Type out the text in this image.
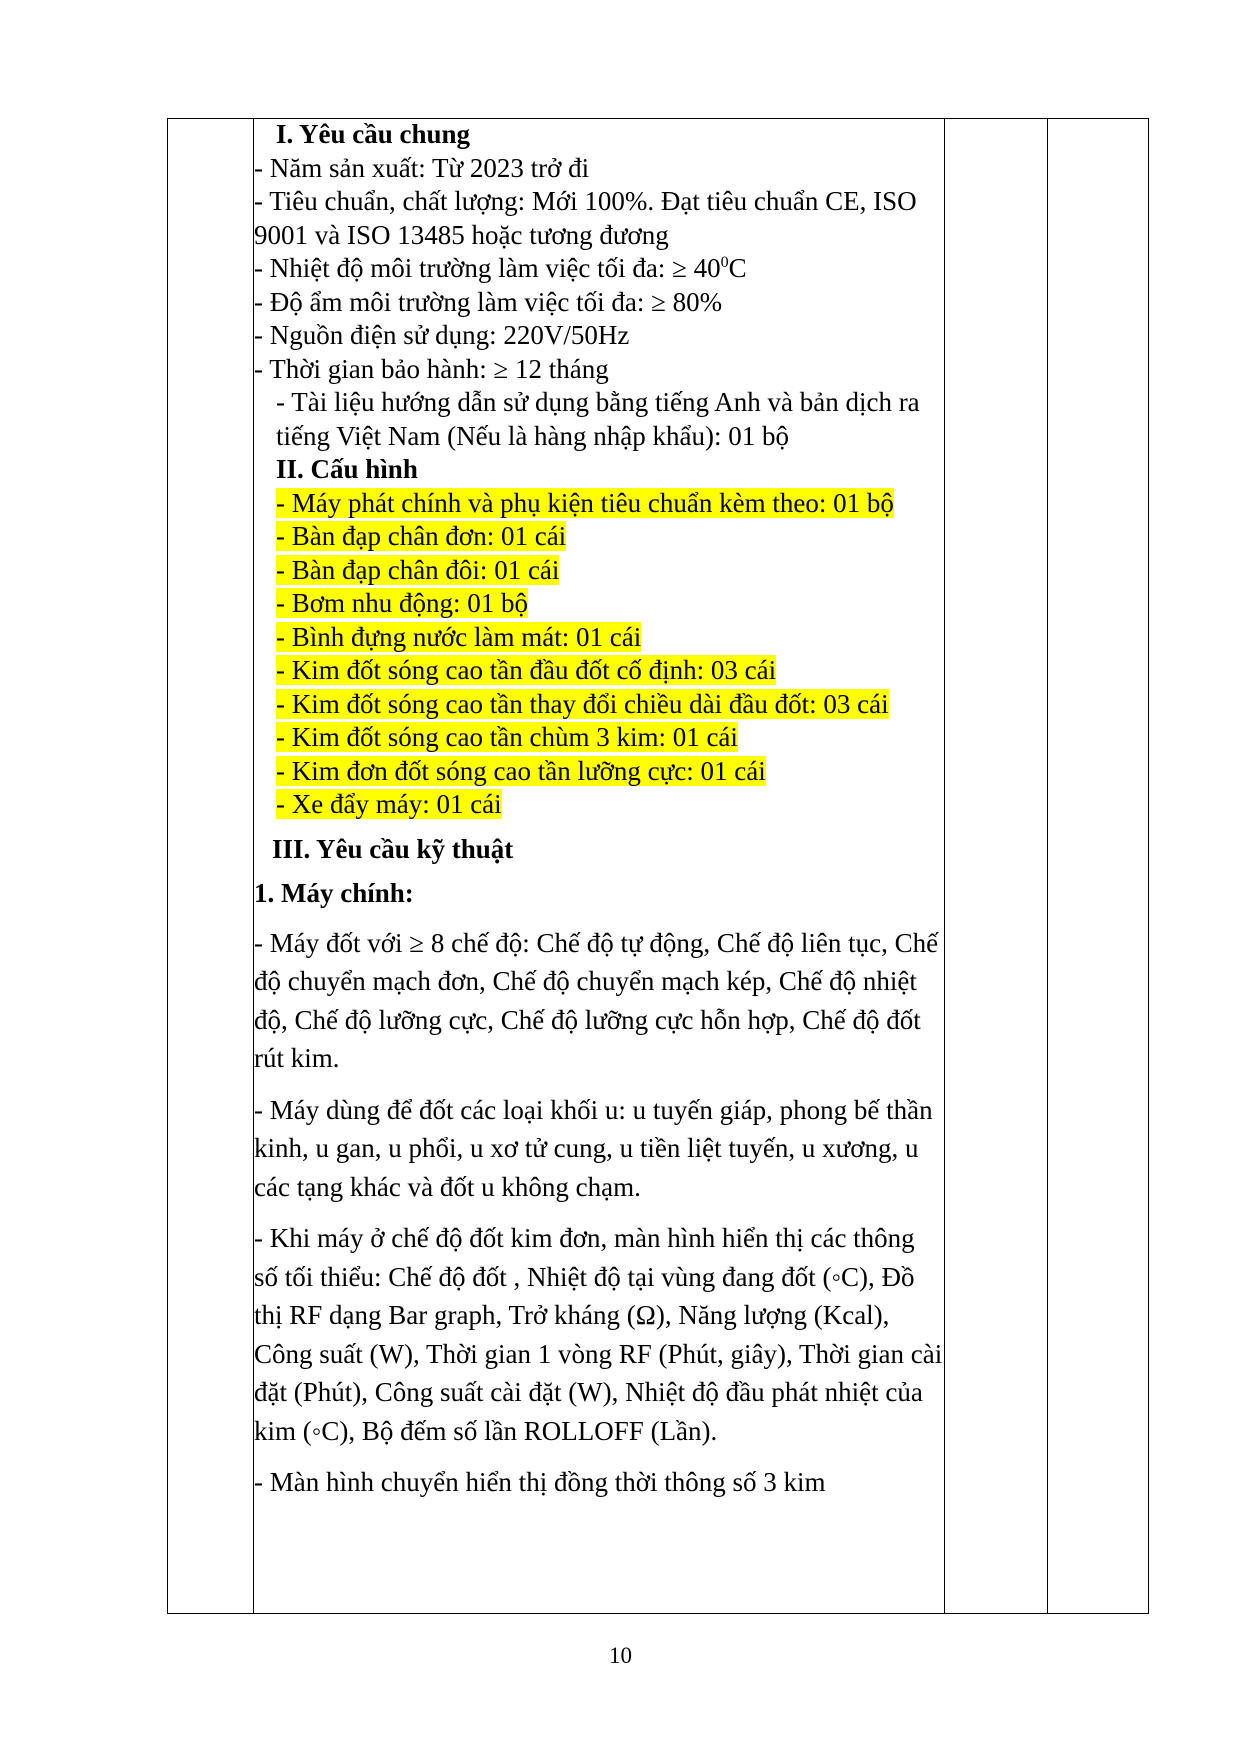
I. Yêu cầu chung

- Năm sản xuất: Từ 2023 trở đi

- Tiêu chuẩn, chất lượng: Mới 100%. Đạt tiêu chuẩn CE, ISO 9001 và ISO 13485 hoặc tương đương

- Nhiệt độ môi trường làm việc tối đa: ≥ $40^0C$

- Độ ẩm môi trường làm việc tối đa: ≥ 80%

- Nguồn điện sử dụng: 220V/50Hz

- Thời gian bảo hành: ≥ 12 tháng

- Tài liệu hướng dẫn sử dụng bằng tiếng Anh và bản dịch ra tiếng Việt Nam (Nếu là hàng nhập khẩu): 01 bộ

II. Cấu hình

- Máy phát chính và phụ kiện tiêu chuẩn kèm theo: 01 bộ

- Bàn đạp chân đơn: 01 cái

- Bàn đạp chân đôi: 01 cái

- Bơm nhu động: 01 bộ

- Bình đựng nước làm mát: 01 cái

- Kim đốt sóng cao tần đầu đốt cố định: 03 cái

- Kim đốt sóng cao tần thay đổi chiều dài đầu đốt: 03 cái

- Kim đốt sóng cao tần chùm 3 kim: 01 cái

- Kim đơn đốt sóng cao tần lưỡng cực: 01 cái

- Xe đẩy máy: 01 cái

III. Yêu cầu kỹ thuật

1. Máy chính:

- Máy đốt với ≥ 8 chế độ: Chế độ tự động, Chế độ liên tục, Chế độ chuyển mạch đơn, Chế độ chuyển mạch kép, Chế độ nhiệt độ, Chế độ lưỡng cực, Chế độ lưỡng cực hỗn hợp, Chế độ đốt rút kim.

- Máy dùng để đốt các loại khối u: u tuyến giáp, phong bế thần kinh, u gan, u phổi, u xơ tử cung, u tiền liệt tuyến, u xương, u các tạng khác và đốt u không chạm.

- Khi máy ở chế độ đốt kim đơn, màn hình hiển thị các thông số tối thiểu: Chế độ đốt , Nhiệt độ tại vùng đang đốt (◦C), Đồ thị RF dạng Bar graph, Trở kháng (Ω), Năng lượng (Kcal), Công suất (W), Thời gian 1 vòng RF (Phút, giây), Thời gian cài đặt (Phút), Công suất cài đặt (W), Nhiệt độ đầu phát nhiệt của kim (◦C), Bộ đếm số lần ROLLOFF (Lần).

- Màn hình chuyển hiển thị đồng thời thông số 3 kim

10
